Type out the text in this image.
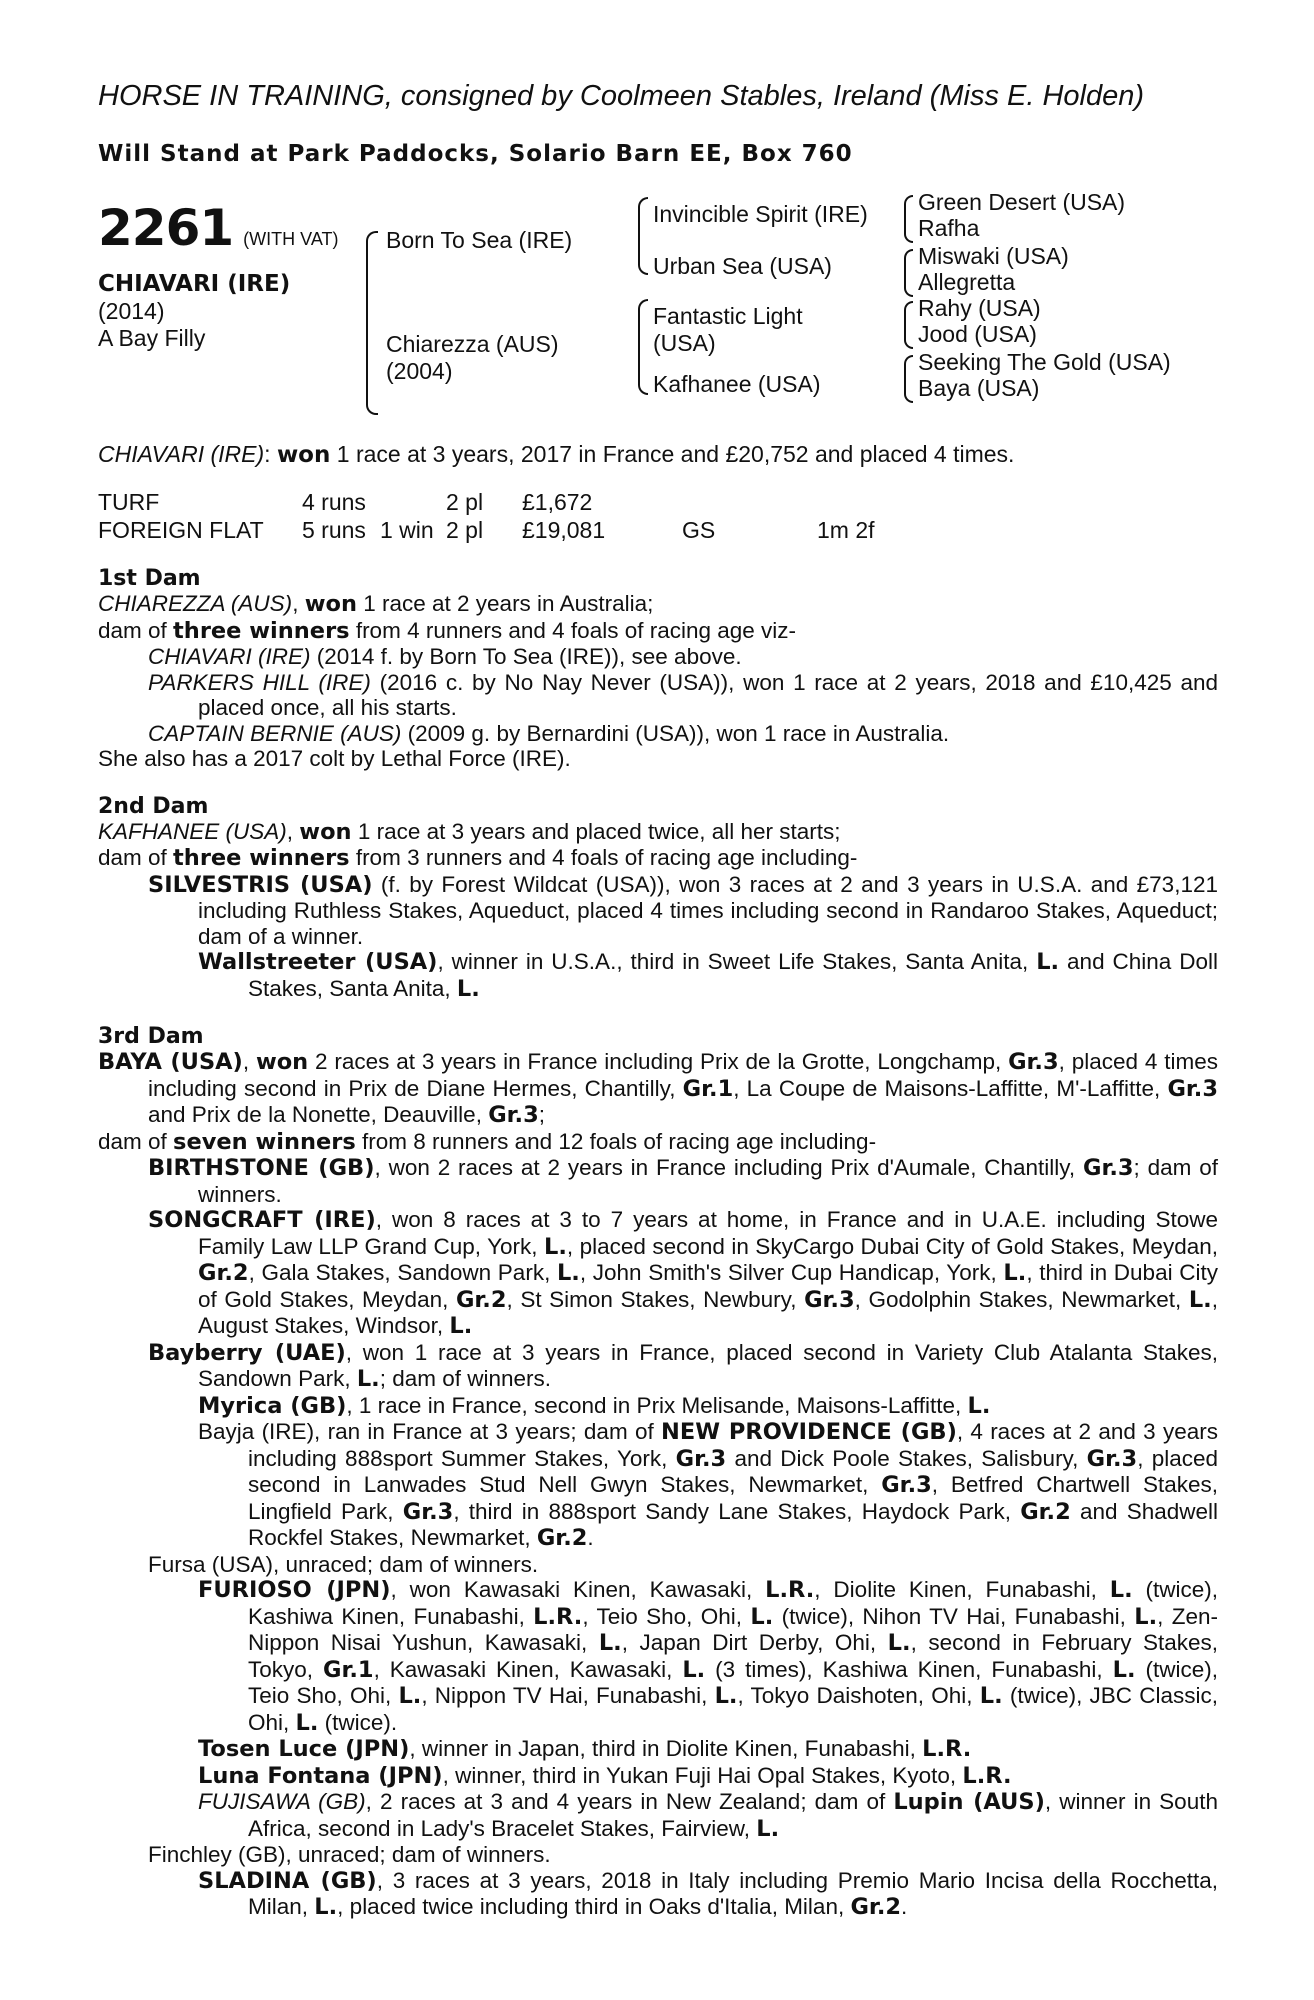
HORSE IN TRAINING, consigned by Coolmeen Stables, Ireland (Miss E. Holden)
Will Stand at Park Paddocks, Solario Barn EE, Box 760
2261 (WITH VAT)
CHIAVARI (IRE)
(2014)
A Bay Filly
Born To Sea (IRE)
Chiarezza (AUS)
(2004)
Invincible Spirit (IRE)
Urban Sea (USA)
Fantastic Light
(USA)
Kafhanee (USA)
Green Desert (USA)
Rafha
Miswaki (USA)
Allegretta
Rahy (USA)
Jood (USA)
Seeking The Gold (USA)
Baya (USA)
CHIAVARI (IRE): won 1 race at 3 years, 2017 in France and £20,752 and placed 4 times.
TURF	4 runs	2 pl	£1,672
FOREIGN FLAT	5 runs 1 win 2 pl	£19,081	GS	1m 2f
1st Dam
CHIAREZZA (AUS), won 1 race at 2 years in Australia;
dam of three winners from 4 runners and 4 foals of racing age viz-
CHIAVARI (IRE) (2014 f. by Born To Sea (IRE)), see above.
PARKERS HILL (IRE) (2016 c. by No Nay Never (USA)), won 1 race at 2 years, 2018 and £10,425 and placed once, all his starts.
CAPTAIN BERNIE (AUS) (2009 g. by Bernardini (USA)), won 1 race in Australia.
She also has a 2017 colt by Lethal Force (IRE).
2nd Dam
KAFHANEE (USA), won 1 race at 3 years and placed twice, all her starts;
dam of three winners from 3 runners and 4 foals of racing age including-
SILVESTRIS (USA) (f. by Forest Wildcat (USA)), won 3 races at 2 and 3 years in U.S.A. and £73,121 including Ruthless Stakes, Aqueduct, placed 4 times including second in Randaroo Stakes, Aqueduct; dam of a winner.
Wallstreeter (USA), winner in U.S.A., third in Sweet Life Stakes, Santa Anita, L. and China Doll Stakes, Santa Anita, L.
3rd Dam
BAYA (USA), won 2 races at 3 years in France including Prix de la Grotte, Longchamp, Gr.3, placed 4 times including second in Prix de Diane Hermes, Chantilly, Gr.1, La Coupe de Maisons-Laffitte, M'-Laffitte, Gr.3 and Prix de la Nonette, Deauville, Gr.3;
dam of seven winners from 8 runners and 12 foals of racing age including-
BIRTHSTONE (GB), won 2 races at 2 years in France including Prix d'Aumale, Chantilly, Gr.3; dam of winners.
SONGCRAFT (IRE), won 8 races at 3 to 7 years at home, in France and in U.A.E. including Stowe Family Law LLP Grand Cup, York, L., placed second in SkyCargo Dubai City of Gold Stakes, Meydan, Gr.2, Gala Stakes, Sandown Park, L., John Smith's Silver Cup Handicap, York, L., third in Dubai City of Gold Stakes, Meydan, Gr.2, St Simon Stakes, Newbury, Gr.3, Godolphin Stakes, Newmarket, L., August Stakes, Windsor, L.
Bayberry (UAE), won 1 race at 3 years in France, placed second in Variety Club Atalanta Stakes, Sandown Park, L.; dam of winners.
Myrica (GB), 1 race in France, second in Prix Melisande, Maisons-Laffitte, L.
Bayja (IRE), ran in France at 3 years; dam of NEW PROVIDENCE (GB), 4 races at 2 and 3 years including 888sport Summer Stakes, York, Gr.3 and Dick Poole Stakes, Salisbury, Gr.3, placed second in Lanwades Stud Nell Gwyn Stakes, Newmarket, Gr.3, Betfred Chartwell Stakes, Lingfield Park, Gr.3, third in 888sport Sandy Lane Stakes, Haydock Park, Gr.2 and Shadwell Rockfel Stakes, Newmarket, Gr.2.
Fursa (USA), unraced; dam of winners.
FURIOSO (JPN), won Kawasaki Kinen, Kawasaki, L.R., Diolite Kinen, Funabashi, L. (twice), Kashiwa Kinen, Funabashi, L.R., Teio Sho, Ohi, L. (twice), Nihon TV Hai, Funabashi, L., Zen-Nippon Nisai Yushun, Kawasaki, L., Japan Dirt Derby, Ohi, L., second in February Stakes, Tokyo, Gr.1, Kawasaki Kinen, Kawasaki, L. (3 times), Kashiwa Kinen, Funabashi, L. (twice), Teio Sho, Ohi, L., Nippon TV Hai, Funabashi, L., Tokyo Daishoten, Ohi, L. (twice), JBC Classic, Ohi, L. (twice).
Tosen Luce (JPN), winner in Japan, third in Diolite Kinen, Funabashi, L.R.
Luna Fontana (JPN), winner, third in Yukan Fuji Hai Opal Stakes, Kyoto, L.R.
FUJISAWA (GB), 2 races at 3 and 4 years in New Zealand; dam of Lupin (AUS), winner in South Africa, second in Lady's Bracelet Stakes, Fairview, L.
Finchley (GB), unraced; dam of winners.
SLADINA (GB), 3 races at 3 years, 2018 in Italy including Premio Mario Incisa della Rocchetta, Milan, L., placed twice including third in Oaks d'Italia, Milan, Gr.2.
